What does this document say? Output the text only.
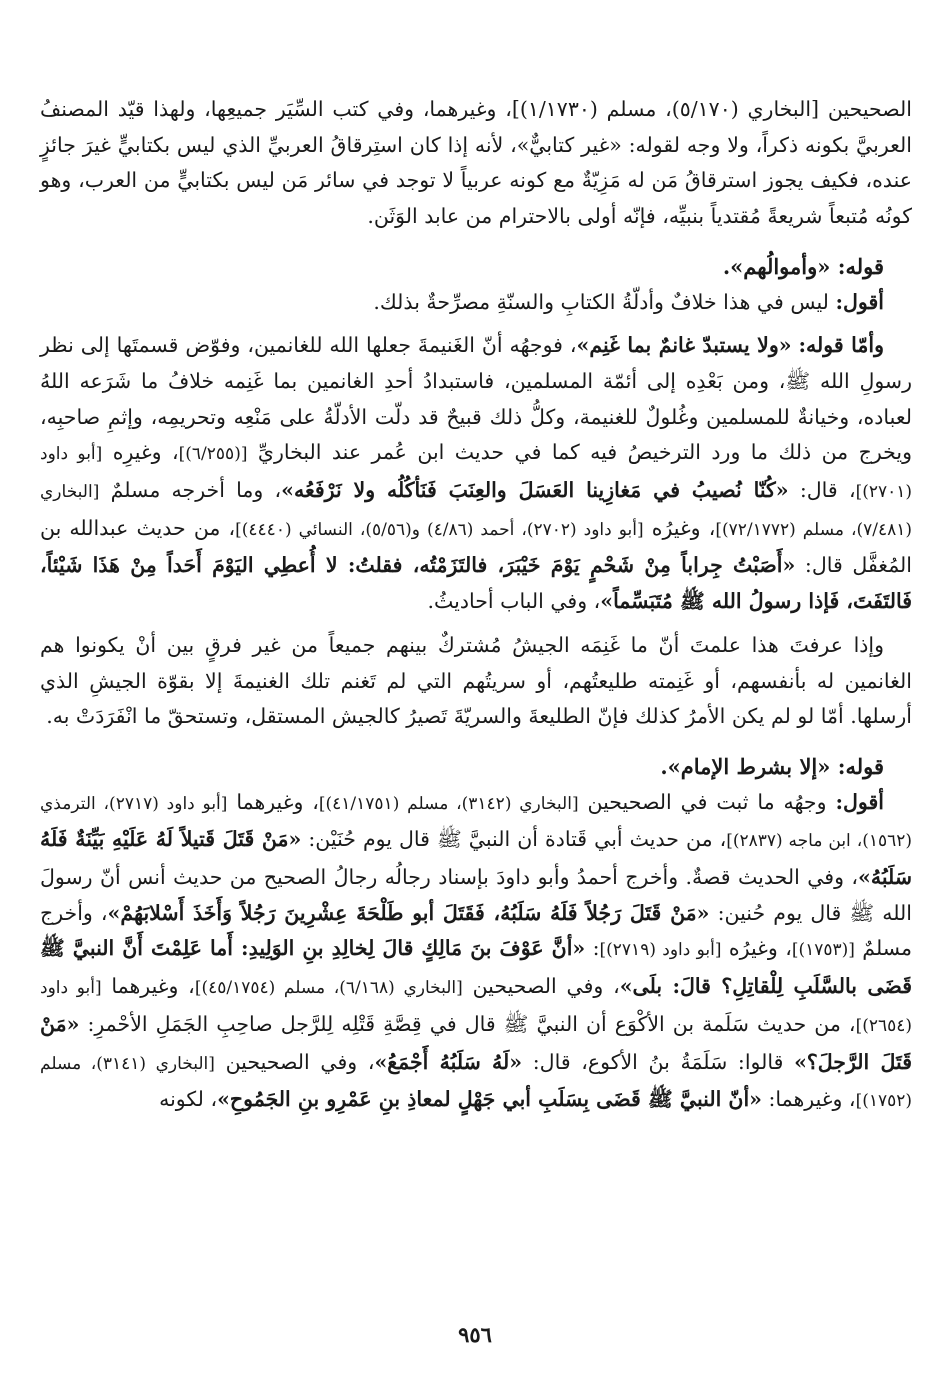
الصحيحين [البخاري (٥/١٧٠)، مسلم (١/١٧٣٠)]، وغيرهما، وفي كتب السِّيَر جميعِها، ولهذا قيّد المصنفُ العربيَّ بكونه ذكراً، ولا وجه لقوله: «غير كتابيٌّ»، لأنه إذا كان استِرقاقُ العربيِّ الذي ليس بكتابيٍّ غيرَ جائزٍ عنده، فكيف يجوز استرقاقُ مَن له مَزِيّةٌ مع كونه عربياً لا توجد في سائر مَن ليس بكتابيٍّ من العرب، وهو كونُه مُتبعاً شريعةً مُقتدياً بنبيِّه، فإنّه أولى بالاحترام من عابد الوَثَن.

قوله: «وأموالُهم».

أقول: ليس في هذا خلافٌ وأدلّةُ الكتابِ والسنّةِ مصرِّحةٌ بذلك.

وأمّا قوله: «ولا يستبدّ غانمٌ بما غَنِم»، فوجهُه أنّ الغَنيمةَ جعلها الله للغانمين، وفوّض قسمتَها إلى نظر رسولِ الله ﷺ، ومن بَعْدِه إلى أئمّة المسلمين، فاستبدادُ أحدِ الغانمين بما غَنِمه خلافُ ما شَرَعه اللهُ لعباده، وخيانةٌ للمسلمين وغُلولٌ للغنيمة، وكلُّ ذلك قبيحٌ قد دلّت الأدلّةُ على مَنْعِه وتحريمِه، وإثمِ صاحبِه، ويخرج من ذلك ما ورد الترخيصُ فيه كما في حديث ابن عُمر عند البخاريِّ [(٦/٢٥٥)]، وغيرِه [أبو داود (٢٧٠١)]، قال: «كُنّا نُصيبُ في مَغازِينا العَسَلَ والعِنَبَ فَنَأكُلُه ولا نَرْفَعُه»، وما أخرجه مسلمٌ [البخاري (٧/٤٨١)، مسلم (٧٢/١٧٧٢)]، وغيرُه [أبو داود (٢٧٠٢)، أحمد (٤/٨٦) و(٥/٥٦)، النسائي (٤٤٤٠)]، من حديث عبدالله بن المُغفَّل قال: «أَصَبْتُ جِراباً مِنْ شَحْمٍ يَوْمَ خَيْبَرَ، فالتَزَمْتُه، فقلتُ: لا أُعطِي اليَوْمَ أَحَداً مِنْ هَذَا شَيْئاً، فَالتَفَتَ، فَإذا رسولُ الله ﷺ مُتَبَسِّماً»، وفي الباب أحاديثُ.

وإذا عرفتَ هذا علمتَ أنّ ما غَنِمَه الجيشُ مُشتركٌ بينهم جميعاً من غير فرقٍ بين أنْ يكونوا هم الغانمين له بأنفسهم، أو غَنِمته طليعتُهم، أو سريتُهم التي لم تَغنم تلك الغنيمةَ إلا بقوّة الجيشِ الذي أرسلها. أمّا لو لم يكن الأمرُ كذلك فإنّ الطليعةَ والسريّةَ تَصيرُ كالجيش المستقل، وتستحقّ ما انْفَرَدَتْ به.

قوله: «إلا بشرط الإمام».

أقول: وجهُه ما ثبت في الصحيحين [البخاري (٣١٤٢)، مسلم (٤١/١٧٥١)]، وغيرهما [أبو داود (٢٧١٧)، الترمذي (١٥٦٢)، ابن ماجه (٢٨٣٧)]، من حديث أبي قَتادة أن النبيَّ ﷺ قال يوم حُنَيْن: «مَنْ قَتَلَ قَتيلاً لَهُ عَلَيْهِ بَيِّنَةٌ فَلَهُ سَلَبُهُ»، وفي الحديث قصةٌ. وأخرج أحمدُ وأبو داودَ بإسناد رجالُه رجالُ الصحيح من حديث أنس أنّ رسولَ الله ﷺ قال يوم حُنين: «مَنْ قَتَلَ رَجُلاً فَلَهُ سَلَبُهُ، فَقَتَلَ أبو طَلْحَةَ عِشْرِينَ رَجُلاً وَأَخَذَ أَسْلابَهُمْ»، وأخرج مسلمٌ [(١٧٥٣)]، وغيرُه [أبو داود (٢٧١٩)]: «أنَّ عَوْفَ بنَ مَالِكٍ قالَ لِخالِدِ بنِ الوَلِيدِ: أَما عَلِمْتَ أَنَّ النبيَّ ﷺ قَضَى بالسَّلَبِ لِلْقاتِلِ؟ قالَ: بلَى»، وفي الصحيحين [البخاري (٦/١٦٨)، مسلم (٤٥/١٧٥٤)]، وغيرهما [أبو داود (٢٦٥٤)]، من حديث سَلَمة بن الأكْوَع أن النبيَّ ﷺ قال في قِصَّةِ قَتْلِه لِلرَّجل صاحِبِ الجَمَلِ الأحْمرِ: «مَنْ قَتَلَ الرَّجلَ؟» قالوا: سَلَمَةُ بنُ الأكوع، قال: «لَهُ سَلَبُهُ أَجْمَعُ»، وفي الصحيحين [البخاري (٣١٤١)، مسلم (١٧٥٢)]، وغيرهما: «أنّ النبيَّ ﷺ قَضَى بِسَلَبِ أبي جَهْلٍ لمعاذِ بنِ عَمْرِو بنِ الجَمُوحِ»، لكونه

٩٥٦
